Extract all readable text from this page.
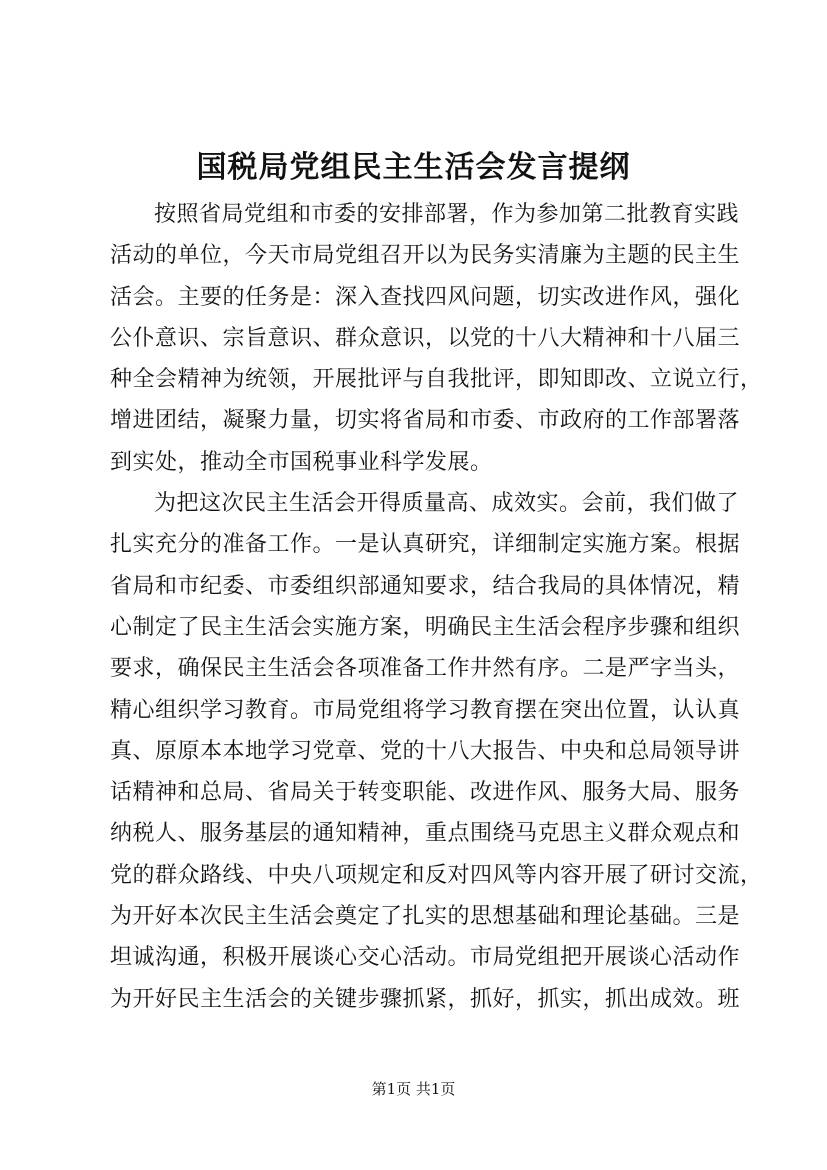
国税局党组民主生活会发言提纲
按照省局党组和市委的安排部署，作为参加第二批教育实践
活动的单位，今天市局党组召开以为民务实清廉为主题的民主生
活会。主要的任务是：深入查找四风问题，切实改进作风，强化
公仆意识、宗旨意识、群众意识，以党的十八大精神和十八届三
种全会精神为统领，开展批评与自我批评，即知即改、立说立行，
增进团结，凝聚力量，切实将省局和市委、市政府的工作部署落
到实处，推动全市国税事业科学发展。
为把这次民主生活会开得质量高、成效实。会前，我们做了
扎实充分的准备工作。一是认真研究，详细制定实施方案。根据
省局和市纪委、市委组织部通知要求，结合我局的具体情况，精
心制定了民主生活会实施方案，明确民主生活会程序步骤和组织
要求，确保民主生活会各项准备工作井然有序。二是严字当头，
精心组织学习教育。市局党组将学习教育摆在突出位置，认认真
真、原原本本地学习党章、党的十八大报告、中央和总局领导讲
话精神和总局、省局关于转变职能、改进作风、服务大局、服务
纳税人、服务基层的通知精神，重点围绕马克思主义群众观点和
党的群众路线、中央八项规定和反对四风等内容开展了研讨交流，
为开好本次民主生活会奠定了扎实的思想基础和理论基础。三是
坦诚沟通，积极开展谈心交心活动。市局党组把开展谈心活动作
为开好民主生活会的关键步骤抓紧，抓好，抓实，抓出成效。班
第1页 共1页
